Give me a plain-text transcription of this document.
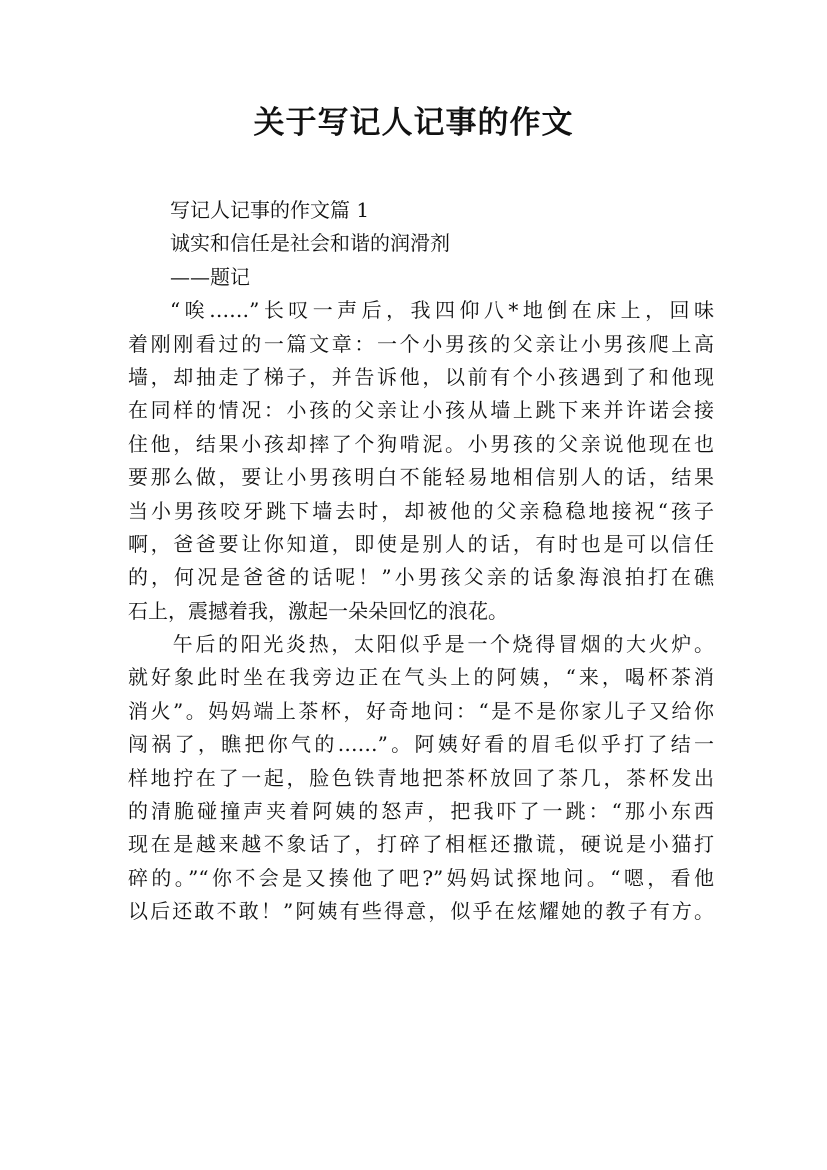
关于写记人记事的作文
写记人记事的作文篇 1
诚实和信任是社会和谐的润滑剂
——题记
“唉……”长叹一声后，我四仰八*地倒在床上，回味
着刚刚看过的一篇文章：一个小男孩的父亲让小男孩爬上高
墙，却抽走了梯子，并告诉他，以前有个小孩遇到了和他现
在同样的情况：小孩的父亲让小孩从墙上跳下来并许诺会接
住他，结果小孩却摔了个狗啃泥。小男孩的父亲说他现在也
要那么做，要让小男孩明白不能轻易地相信别人的话，结果
当小男孩咬牙跳下墙去时，却被他的父亲稳稳地接祝“孩子
啊，爸爸要让你知道，即使是别人的话，有时也是可以信任
的，何况是爸爸的话呢！”小男孩父亲的话象海浪拍打在礁
石上，震撼着我，激起一朵朵回忆的浪花。
午后的阳光炎热，太阳似乎是一个烧得冒烟的大火炉。
就好象此时坐在我旁边正在气头上的阿姨，“来，喝杯茶消
消火”。妈妈端上茶杯，好奇地问：“是不是你家儿子又给你
闯祸了，瞧把你气的……”。阿姨好看的眉毛似乎打了结一
样地拧在了一起，脸色铁青地把茶杯放回了茶几，茶杯发出
的清脆碰撞声夹着阿姨的怒声，把我吓了一跳：“那小东西
现在是越来越不象话了，打碎了相框还撒谎，硬说是小猫打
碎的。”“你不会是又揍他了吧?”妈妈试探地问。“嗯，看他
以后还敢不敢！”阿姨有些得意，似乎在炫耀她的教子有方。
